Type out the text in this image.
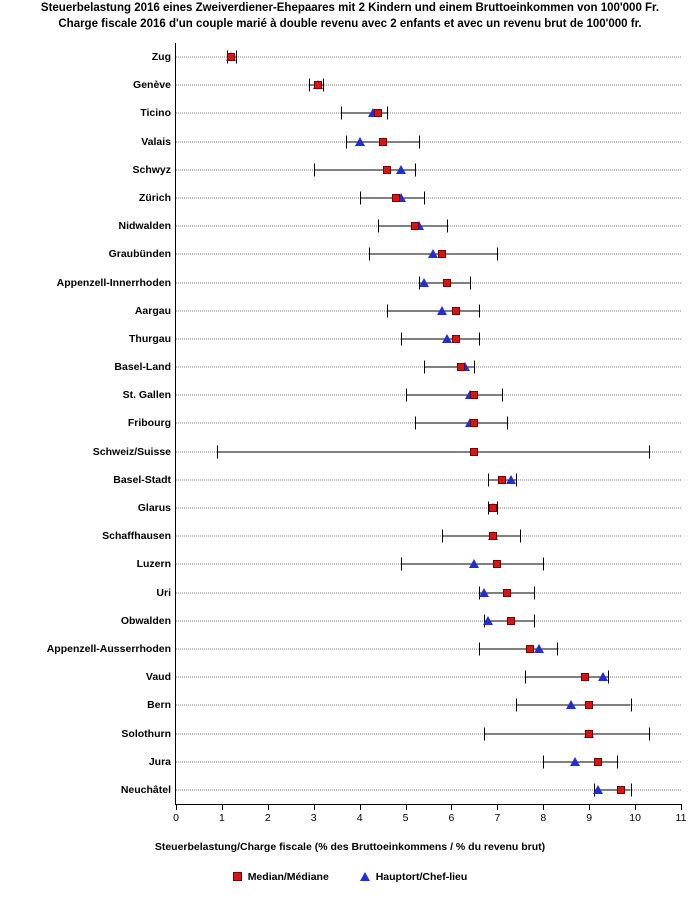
Steuerbelastung 2016 eines Zweiverdiener-Ehepaares mit 2 Kindern und einem Bruttoeinkommen von 100'000 Fr.
Charge fiscale 2016 d'un couple marié à double revenu avec 2 enfants et avec un revenu brut de 100'000 fr.
Zug
Genève
Ticino
Valais
Schwyz
Zürich
Nidwalden
Graubünden
Appenzell-Innerrhoden
Aargau
Thurgau
Basel-Land
St. Gallen
Fribourg
Schweiz/Suisse
Basel-Stadt
Glarus
Schaffhausen
Luzern
Uri
Obwalden
Appenzell-Ausserrhoden
Vaud
Bern
Solothurn
Jura
Neuchâtel
0	1	2	3	4	5	6	7	8	9	10	11
Steuerbelastung/Charge fiscale (% des Bruttoeinkommens / % du revenu brut)
Median/Médiane	Hauptort/Chef-lieu
